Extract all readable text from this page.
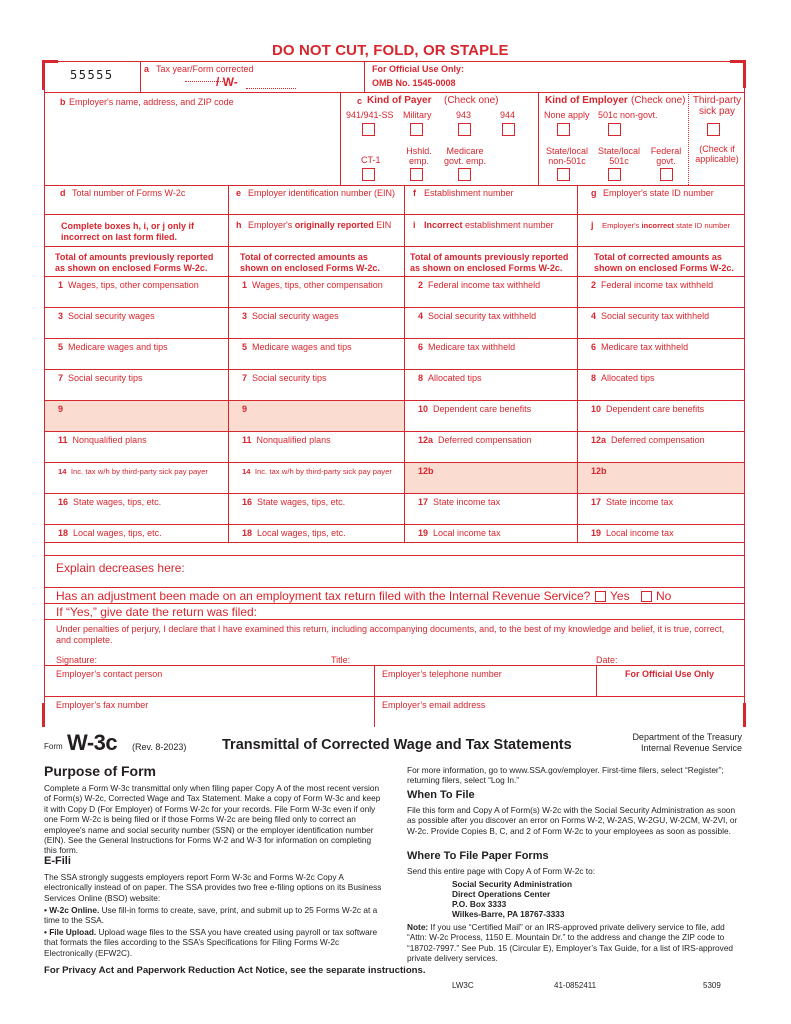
DO NOT CUT, FOLD, OR STAPLE
55555	a Tax year/Form corrected
/ W-
For Official Use Only:
OMB No. 1545-0008
b Employer's name, address, and ZIP code	c Kind of Payer (Check one)
941/941-SS Military	943	944
CT-1
Hshld. emp.
Medicare govt. emp.
Kind of Employer (Check one)
None apply 501c non-govt.
State/local non-501c
State/local 501c
Federal govt.
Third-party sick pay
(Check if applicable)
d Total number of Forms W-2c	e Employer identification number (EIN) f Establishment number	g Employer's state ID number
Complete boxes h, i, or j only if incorrect on last form filed.
h Employer's originally reported EIN i Incorrect establishment number	j Employer's incorrect state ID number
Total of amounts previously reported as shown on enclosed Forms W-2c.
Total of corrected amounts as shown on enclosed Forms W-2c.
Total of amounts previously reported as shown on enclosed Forms W-2c.
Total of corrected amounts as shown on enclosed Forms W-2c.
1 Wages, tips, other compensation	1 Wages, tips, other compensation	2 Federal income tax withheld	2 Federal income tax withheld
3 Social security wages	3 Social security wages	4 Social security tax withheld	4 Social security tax withheld
5 Medicare wages and tips	5 Medicare wages and tips	6 Medicare tax withheld	6 Medicare tax withheld
7 Social security tips	7 Social security tips	8 Allocated tips	8 Allocated tips
9	9	10 Dependent care benefits	10 Dependent care benefits
11 Nonqualified plans	11 Nonqualified plans	12a Deferred compensation	12a Deferred compensation
14 Inc. tax w/h by third-party sick pay payer	14 Inc. tax w/h by third-party sick pay payer	12b	12b
16 State wages, tips, etc.	16 State wages, tips, etc.	17 State income tax	17 State income tax
18 Local wages, tips, etc.	18 Local wages, tips, etc.	19 Local income tax	19 Local income tax
Explain decreases here:
Has an adjustment been made on an employment tax return filed with the Internal Revenue Service? Yes No
If “Yes,” give date the return was filed:
Under penalties of perjury, I declare that I have examined this return, including accompanying documents, and, to the best of my knowledge and belief, it is true, correct, and complete.
Signature:	Title:	Date:
Employer’s contact person	Employer’s telephone number	For Official Use Only
Employer’s fax number	Employer’s email address
Form W-3c (Rev. 8-2023) Transmittal of Corrected Wage and Tax Statements	Department of the Treasury
Internal Revenue Service
Purpose of Form
Complete a Form W-3c transmittal only when filing paper Copy A of the most recent version of Form(s) W-2c, Corrected Wage and Tax Statement. Make a copy of Form W-3c and keep it with Copy D (For Employer) of Forms W-2c for your records. File Form W-3c even if only one Form W-2c is being filed or if those Forms W-2c are being filed only to correct an employee's name and social security number (SSN) or the employer identification number (EIN). See the General Instructions for Forms W-2 and W-3 for information on completing this form.
E-Fili
The SSA strongly suggests employers report Form W-3c and Forms W-2c Copy A electronically instead of on paper. The SSA provides two free e-filing options on its Business Services Online (BSO) website:
• W-2c Online. Use fill-in forms to create, save, print, and submit up to 25 Forms W-2c at a time to the SSA.
• File Upload. Upload wage files to the SSA you have created using payroll or tax software that formats the files according to the SSA’s Specifications for Filing Forms W-2c Electronically (EFW2C).
For more information, go to www.SSA.gov/employer. First-time filers, select “Register”; returning filers, select “Log In.”
When To File
File this form and Copy A of Form(s) W-2c with the Social Security Administration as soon as possible after you discover an error on Forms W-2, W-2AS, W-2GU, W-2CM, W-2VI, or W-2c. Provide Copies B, C, and 2 of Form W-2c to your employees as soon as possible.
Where To File Paper Forms
Send this entire page with Copy A of Form W-2c to:
Social Security Administration
Direct Operations Center
P.O. Box 3333
Wilkes-Barre, PA 18767-3333
Note: If you use “Certified Mail” or an IRS-approved private delivery service to file, add “Attn: W-2c Process, 1150 E. Mountain Dr.” to the address and change the ZIP code to “18702-7997.” See Pub. 15 (Circular E), Employer’s Tax Guide, for a list of IRS-approved private delivery services.
For Privacy Act and Paperwork Reduction Act Notice, see the separate instructions.
LW3C	41-0852411	5309
